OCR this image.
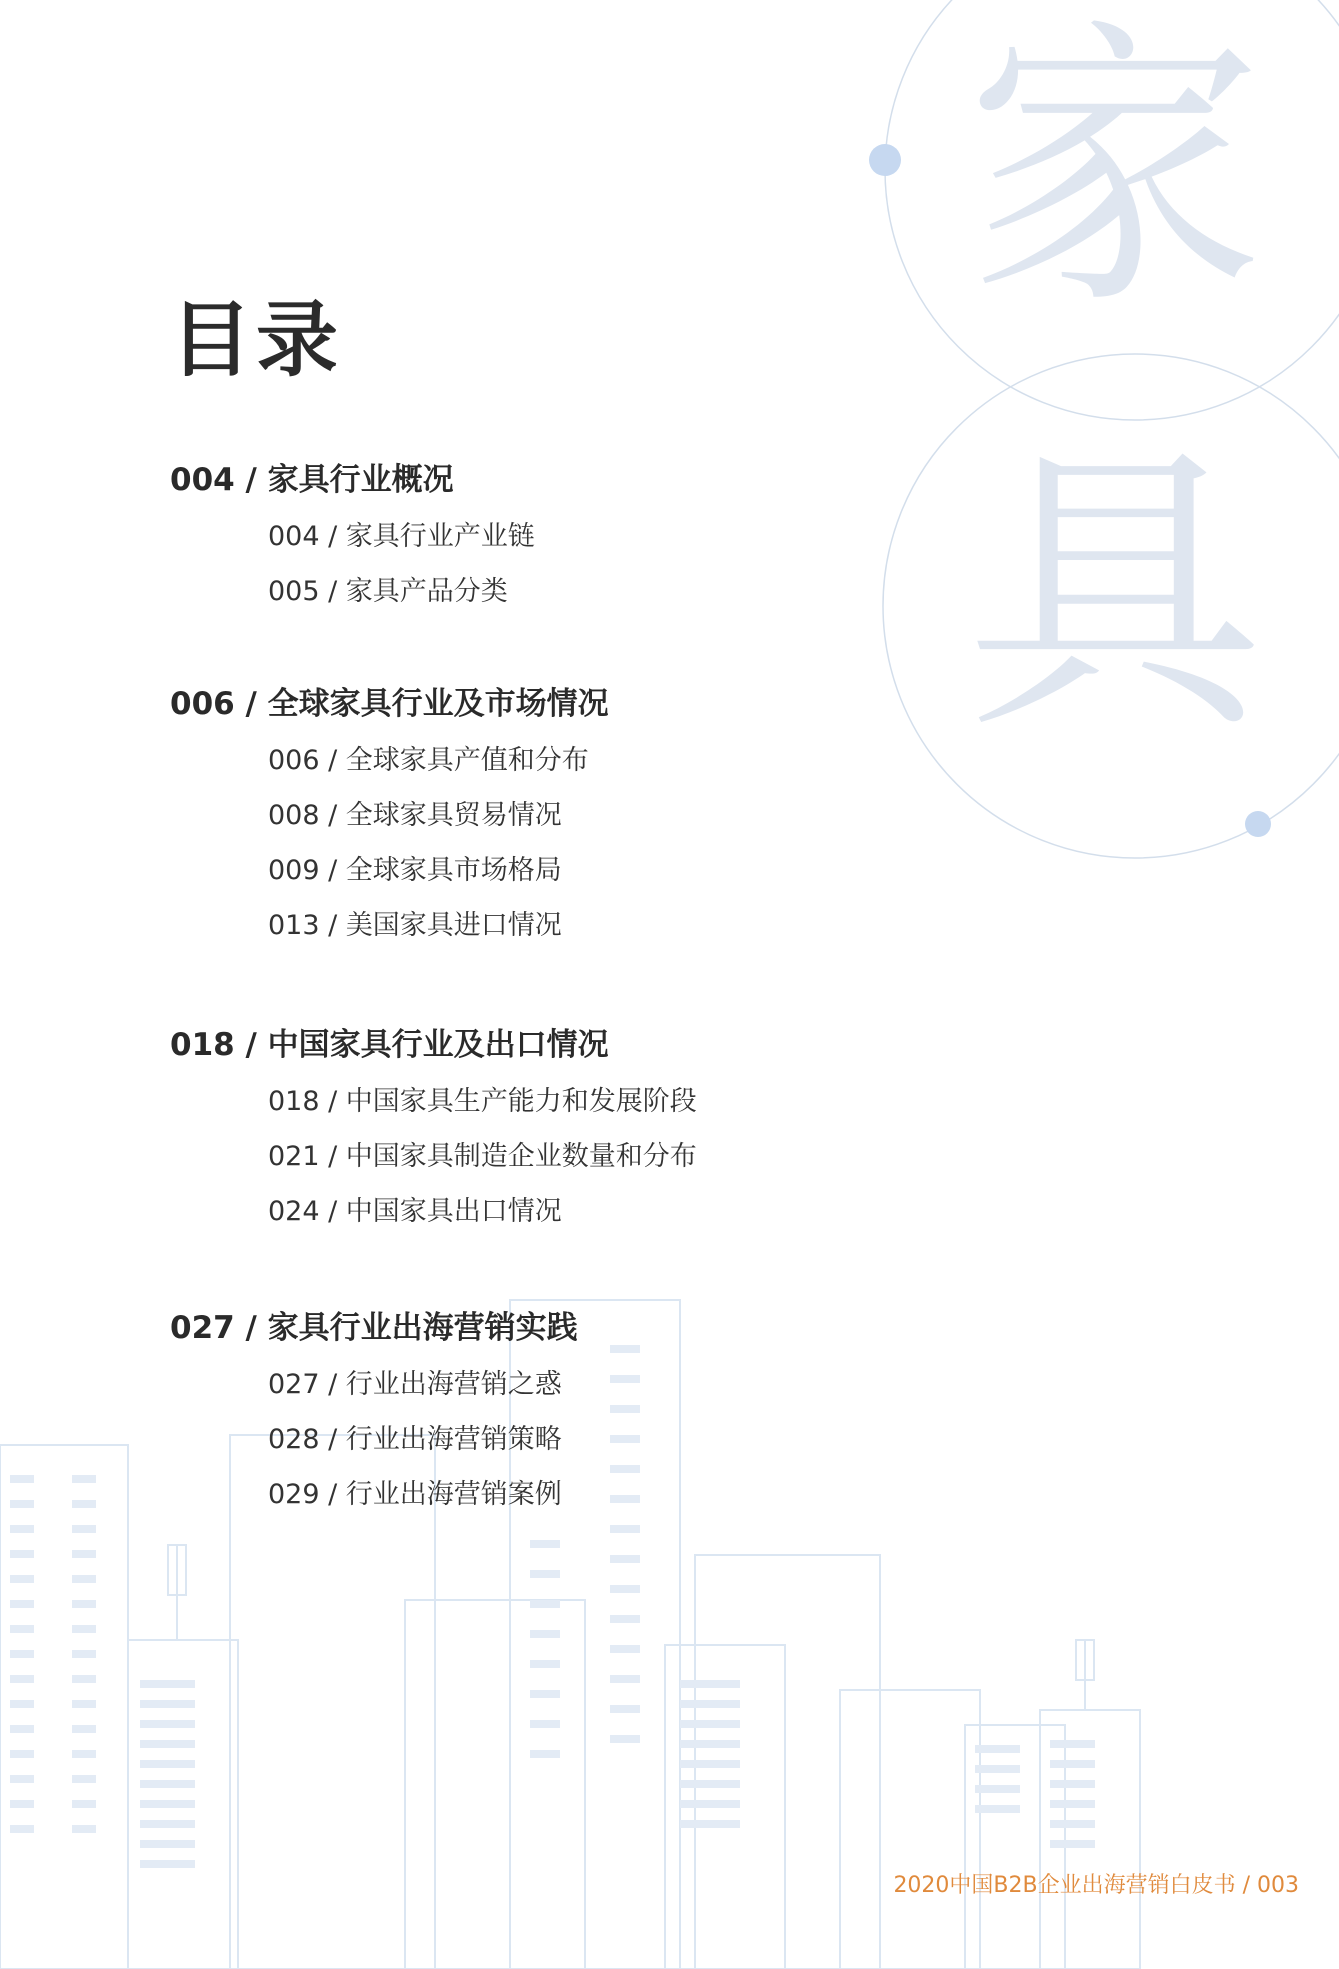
家
具
目录
004 / 家具行业概况
004 / 家具行业产业链
005 / 家具产品分类
006 / 全球家具行业及市场情况
006 / 全球家具产值和分布
008 / 全球家具贸易情况
009 / 全球家具市场格局
013 / 美国家具进口情况
018 / 中国家具行业及出口情况
018 / 中国家具生产能力和发展阶段
021 / 中国家具制造企业数量和分布
024 / 中国家具出口情况
027 / 家具行业出海营销实践
027 / 行业出海营销之惑
028 / 行业出海营销策略
029 / 行业出海营销案例
2020中国B2B企业出海营销白皮书 / 003
